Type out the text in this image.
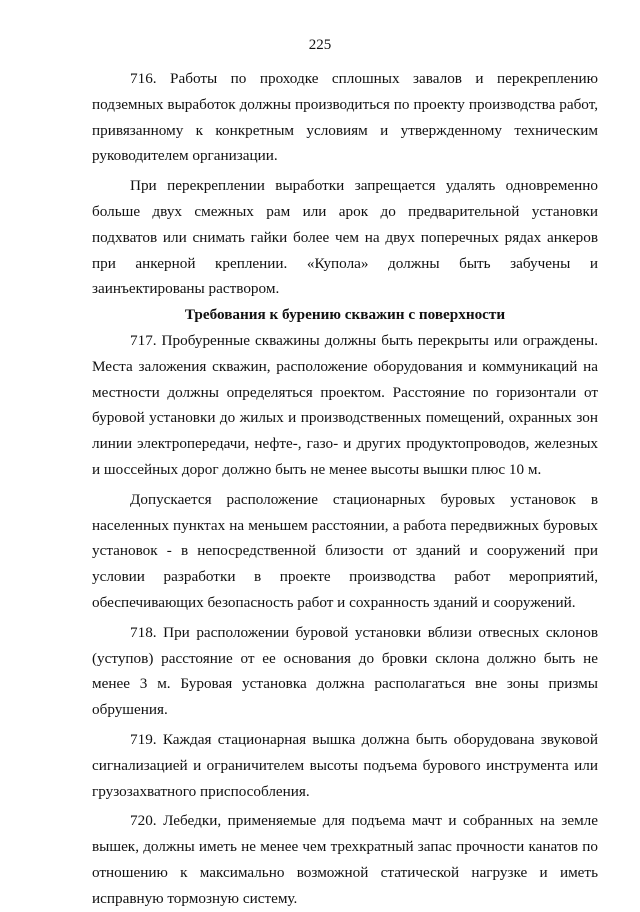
225

716. Работы по проходке сплошных завалов и перекреплению подземных выработок должны производиться по проекту производства работ, привязанному к конкретным условиям и утвержденному техническим руководителем организации.

При перекреплении выработки запрещается удалять одновременно больше двух смежных рам или арок до предварительной установки подхватов или снимать гайки более чем на двух поперечных рядах анкеров при анкерной креплении. «Купола» должны быть забучены и заинъектированы раствором.

Требования к бурению скважин с поверхности

717. Пробуренные скважины должны быть перекрыты или ограждены. Места заложения скважин, расположение оборудования и коммуникаций на местности должны определяться проектом. Расстояние по горизонтали от буровой установки до жилых и производственных помещений, охранных зон линии электропередачи, нефте-, газо- и других продуктопроводов, железных и шоссейных дорог должно быть не менее высоты вышки плюс 10 м.

Допускается расположение стационарных буровых установок в населенных пунктах на меньшем расстоянии, а работа передвижных буровых установок - в непосредственной близости от зданий и сооружений при условии разработки в проекте производства работ мероприятий, обеспечивающих безопасность работ и сохранность зданий и сооружений.

718. При расположении буровой установки вблизи отвесных склонов (уступов) расстояние от ее основания до бровки склона должно быть не менее 3 м. Буровая установка должна располагаться вне зоны призмы обрушения.

719. Каждая стационарная вышка должна быть оборудована звуковой сигнализацией и ограничителем высоты подъема бурового инструмента или грузозахватного приспособления.

720. Лебедки, применяемые для подъема мачт и собранных на земле вышек, должны иметь не менее чем трехкратный запас прочности канатов по отношению к максимально возможной статической нагрузке и иметь исправную тормозную систему.
